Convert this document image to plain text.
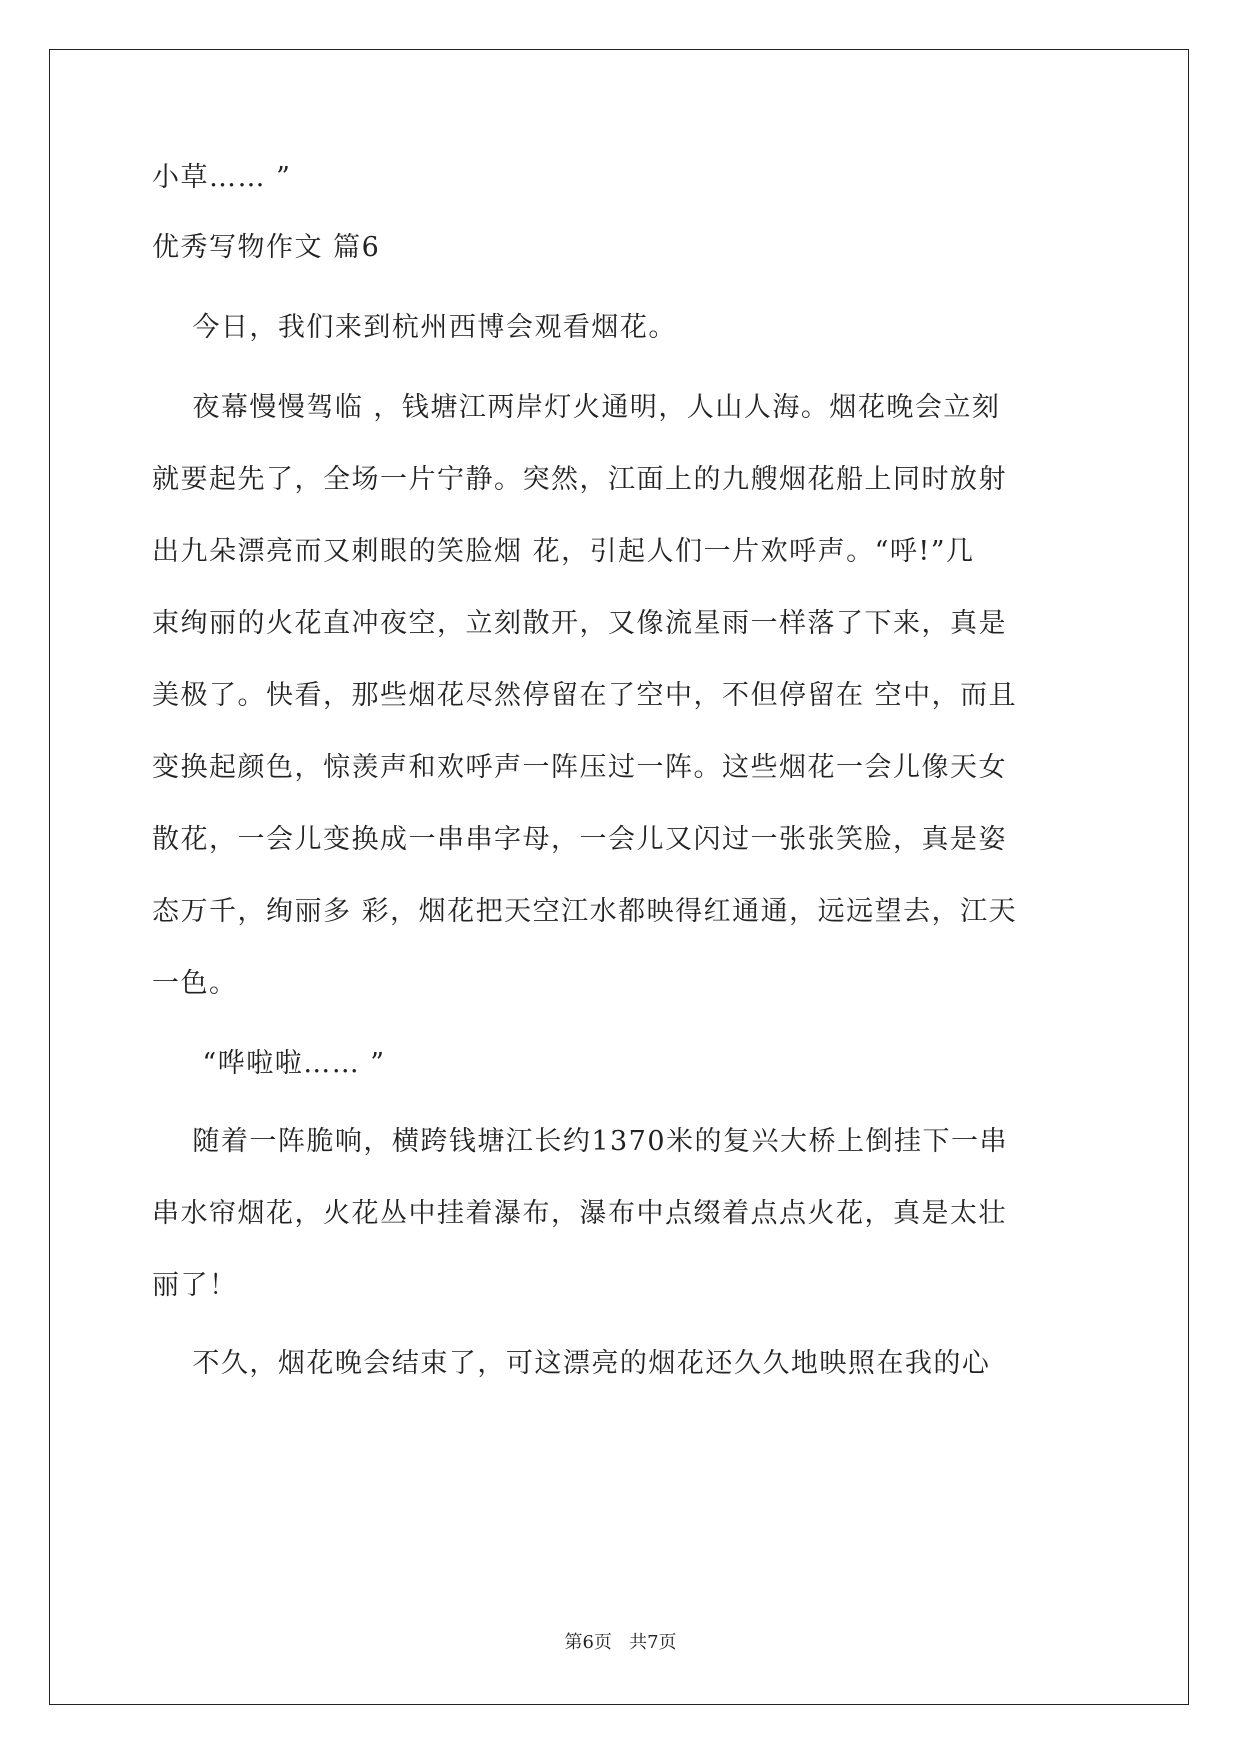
小草…… ”
优秀写物作文 篇6
今日，我们来到杭州西博会观看烟花。
夜幕慢慢驾临 ，钱塘江两岸灯火通明，人山人海。烟花晚会立刻
就要起先了，全场一片宁静。突然，江面上的九艘烟花船上同时放射
出九朵漂亮而又刺眼的笑脸烟 花，引起人们一片欢呼声。“呼!”几
束绚丽的火花直冲夜空，立刻散开，又像流星雨一样落了下来，真是
美极了。快看，那些烟花尽然停留在了空中，不但停留在 空中，而且
变换起颜色，惊羡声和欢呼声一阵压过一阵。这些烟花一会儿像天女
散花，一会儿变换成一串串字母，一会儿又闪过一张张笑脸，真是姿
态万千，绚丽多 彩，烟花把天空江水都映得红通通，远远望去，江天
一色。
“哗啦啦…… ”
随着一阵脆响，横跨钱塘江长约1370米的复兴大桥上倒挂下一串
串水帘烟花，火花丛中挂着瀑布，瀑布中点缀着点点火花，真是太壮
丽了！
不久，烟花晚会结束了，可这漂亮的烟花还久久地映照在我的心
第6页   共7页
